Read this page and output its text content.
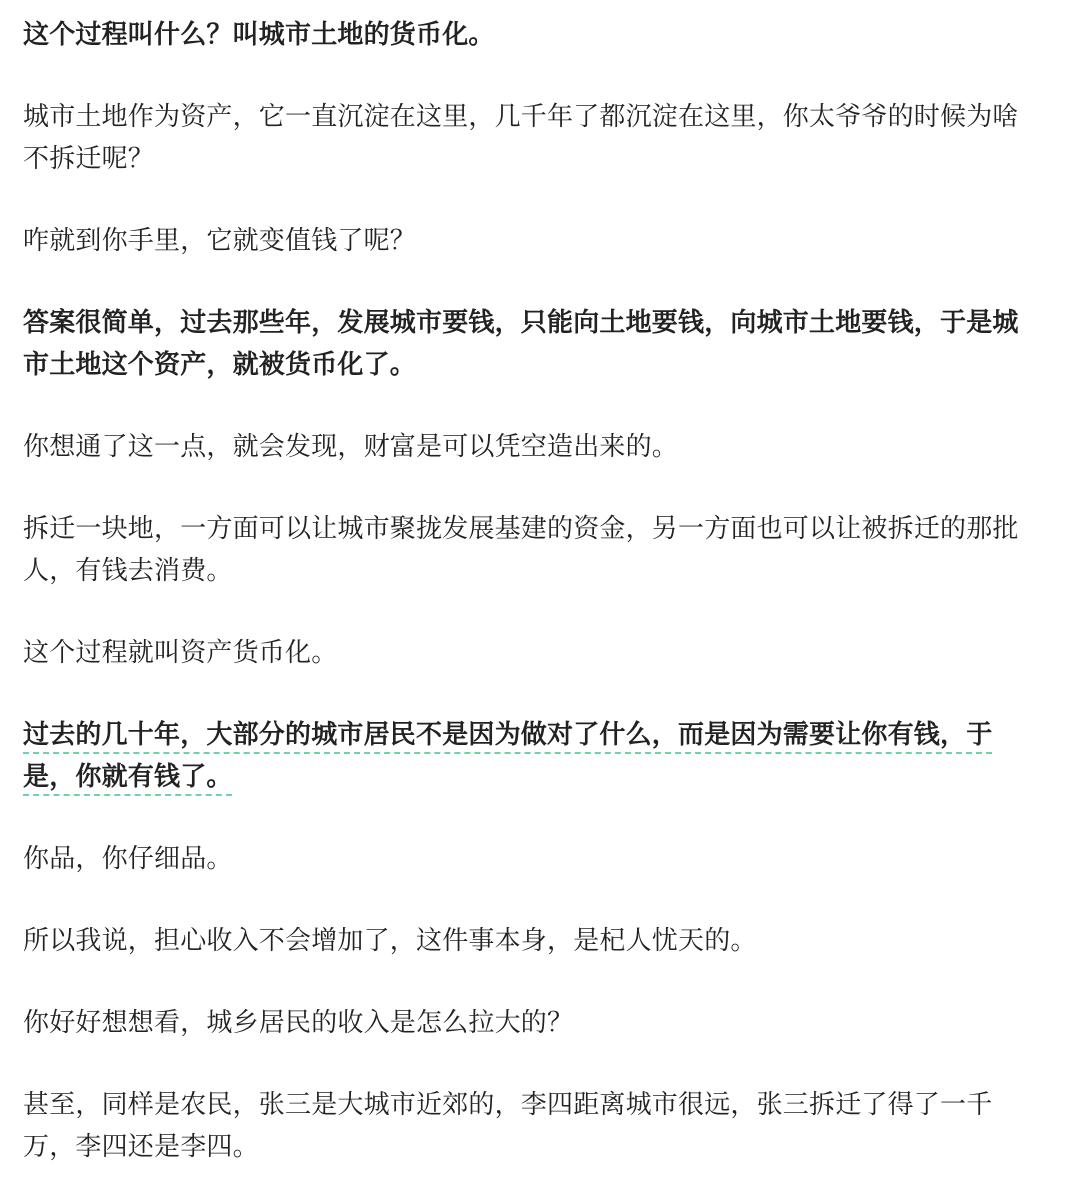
这个过程叫什么？叫城市土地的货币化。

城市土地作为资产，它一直沉淀在这里，几千年了都沉淀在这里，你太爷爷的时候为啥不拆迁呢？

咋就到你手里，它就变值钱了呢？

答案很简单，过去那些年，发展城市要钱，只能向土地要钱，向城市土地要钱，于是城市土地这个资产，就被货币化了。

你想通了这一点，就会发现，财富是可以凭空造出来的。

拆迁一块地，一方面可以让城市聚拢发展基建的资金，另一方面也可以让被拆迁的那批人，有钱去消费。

这个过程就叫资产货币化。

过去的几十年，大部分的城市居民不是因为做对了什么，而是因为需要让你有钱，于是，你就有钱了。

你品，你仔细品。

所以我说，担心收入不会增加了，这件事本身，是杞人忧天的。

你好好想想看，城乡居民的收入是怎么拉大的？

甚至，同样是农民，张三是大城市近郊的，李四距离城市很远，张三拆迁了得了一千万，李四还是李四。
